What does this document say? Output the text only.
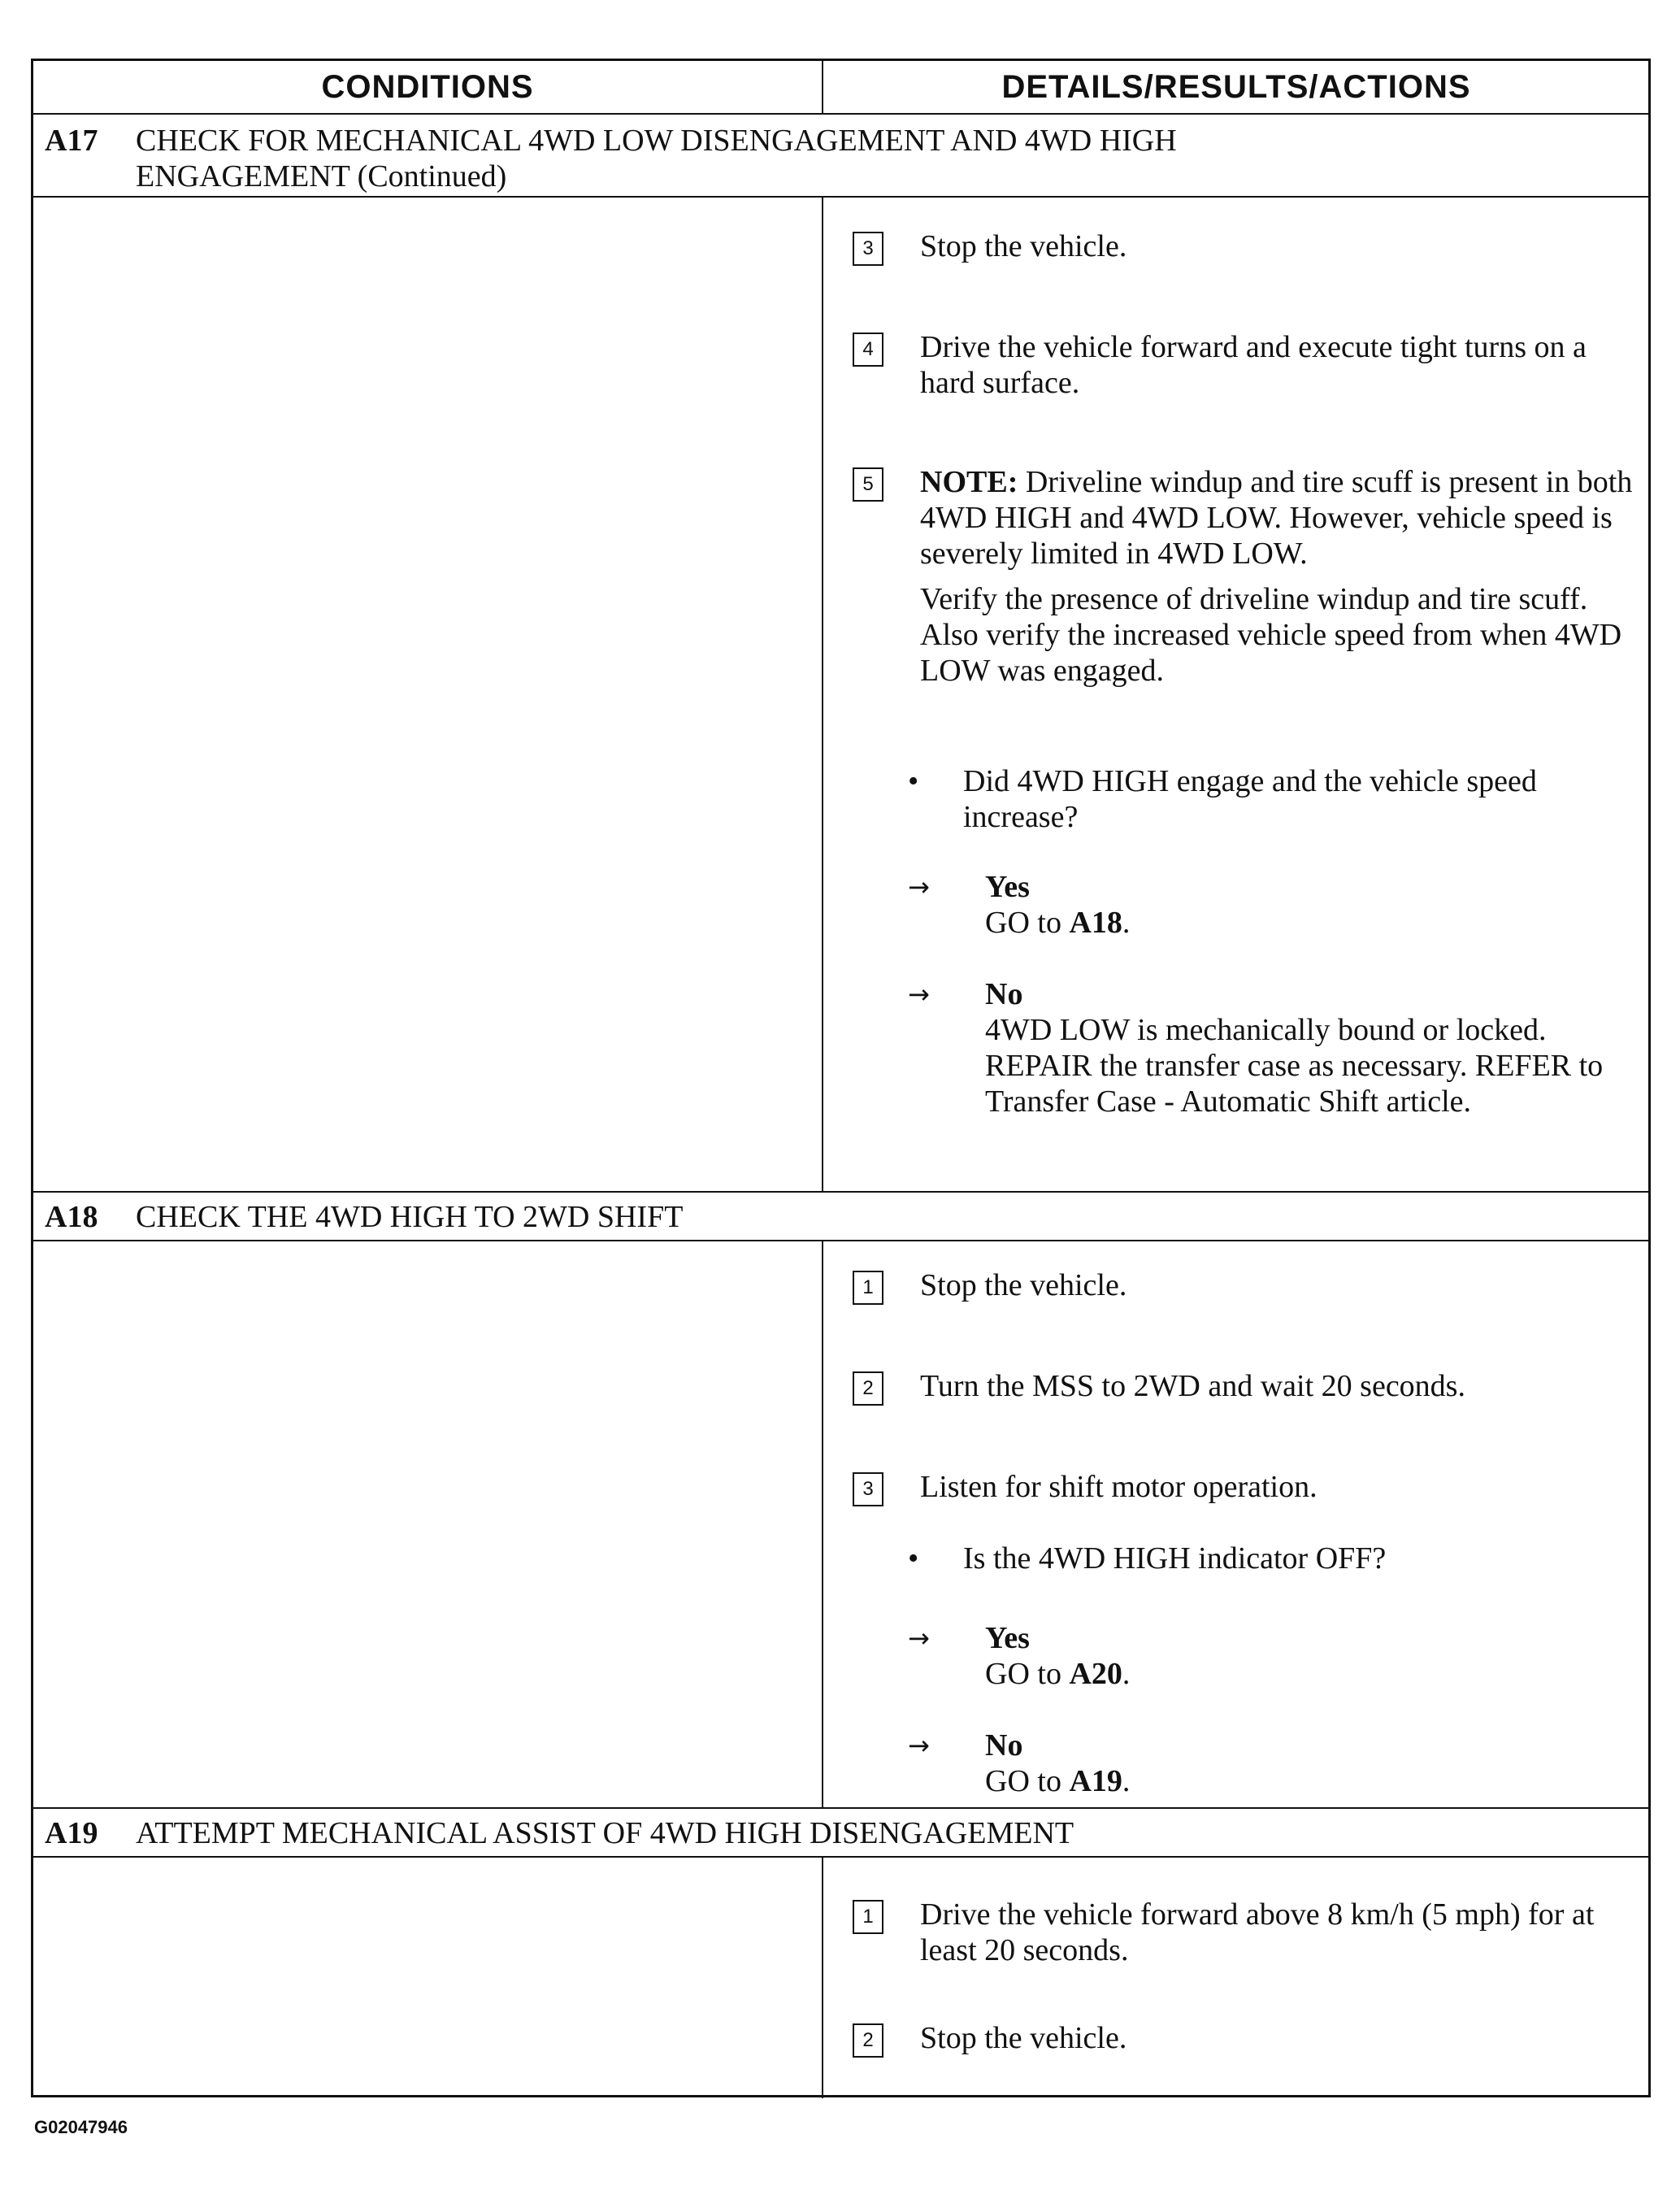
CONDITIONS	DETAILS/RESULTS/ACTIONS
A17 CHECK FOR MECHANICAL 4WD LOW DISENGAGEMENT AND 4WD HIGH
ENGAGEMENT (Continued)
3	Stop the vehicle.

4	Drive the vehicle forward and execute tight turns on a hard surface.

5	NOTE: Driveline windup and tire scuff is present in both 4WD HIGH and 4WD LOW. However, vehicle speed is severely limited in 4WD LOW.

Verify the presence of driveline windup and tire scuff. Also verify the increased vehicle speed from when 4WD LOW was engaged.

• Did 4WD HIGH engage and the vehicle speed increase?
→ Yes
GO to A18.
→ No
4WD LOW is mechanically bound or locked. REPAIR the transfer case as necessary. REFER to Transfer Case - Automatic Shift article.
A18 CHECK THE 4WD HIGH TO 2WD SHIFT
1	Stop the vehicle.

2	Turn the MSS to 2WD and wait 20 seconds.

3	Listen for shift motor operation.

• Is the 4WD HIGH indicator OFF?
→ Yes
GO to A20.
→ No
GO to A19.
A19 ATTEMPT MECHANICAL ASSIST OF 4WD HIGH DISENGAGEMENT
1	Drive the vehicle forward above 8 km/h (5 mph) for at least 20 seconds.

2	Stop the vehicle.

G02047946
